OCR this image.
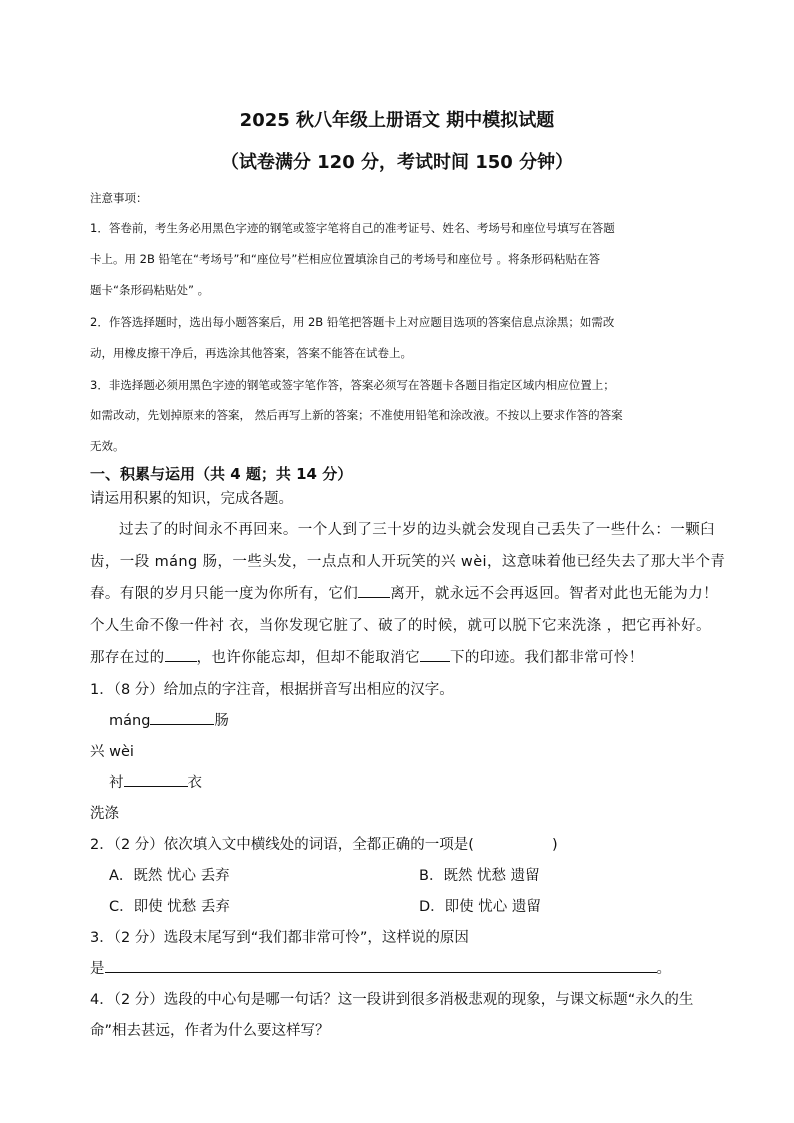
2025 秋八年级上册语文 期中模拟试题
（试卷满分 120 分，考试时间 150 分钟）
注意事项：
1．答卷前，考生务必用黑色字迹的钢笔或签字笔将自己的准考证号、姓名、考场号和座位号填写在答题
卡上。用 2B 铅笔在“考场号”和“座位号”栏相应位置填涂自己的考场号和座位号 。将条形码粘贴在答
题卡“条形码粘贴处” 。
2．作答选择题时，选出每小题答案后，用 2B 铅笔把答题卡上对应题目选项的答案信息点涂黑；如需改
动，用橡皮擦干净后，再选涂其他答案，答案不能答在试卷上。
3．非选择题必须用黑色字迹的钢笔或签字笔作答，答案必须写在答题卡各题目指定区域内相应位置上；
如需改动，先划掉原来的答案， 然后再写上新的答案；不准使用铅笔和涂改液。不按以上要求作答的答案
无效。
一、积累与运用（共 4 题；共 14 分）
请运用积累的知识，完成各题。
过去了的时间永不再回来。一个人到了三十岁的边头就会发现自己丢失了一些什么：一颗臼
齿，一段 máng 肠，一些头发，一点点和人开玩笑的兴 wèi，这意味着他已经失去了那大半个青
春。有限的岁月只能一度为你所有，它们 离开，就永远不会再返回。智者对此也无能为力！
个人生命不像一件衬 衣，当你发现它脏了、破了的时候，就可以脱下它来洗涤 ，把它再补好。
那存在过的 ，也许你能忘却，但却不能取消它 下的印迹。我们都非常可怜！
1．（8 分）给加点的字注音，根据拼音写出相应的汉字。
máng	肠
兴 wèi
衬	衣
洗涤
2．（2 分）依次填入文中横线处的词语，全都正确的一项是(	)
A．既然 忧心 丢弃	B．既然 忧愁 遗留
C．即使 忧愁 丢弃	D．即使 忧心 遗留
3．（2 分）选段末尾写到“我们都非常可怜”，这样说的原因
是	。
4．（2 分）选段的中心句是哪一句话？这一段讲到很多消极悲观的现象，与课文标题“永久的生
命”相去甚远，作者为什么要这样写？
